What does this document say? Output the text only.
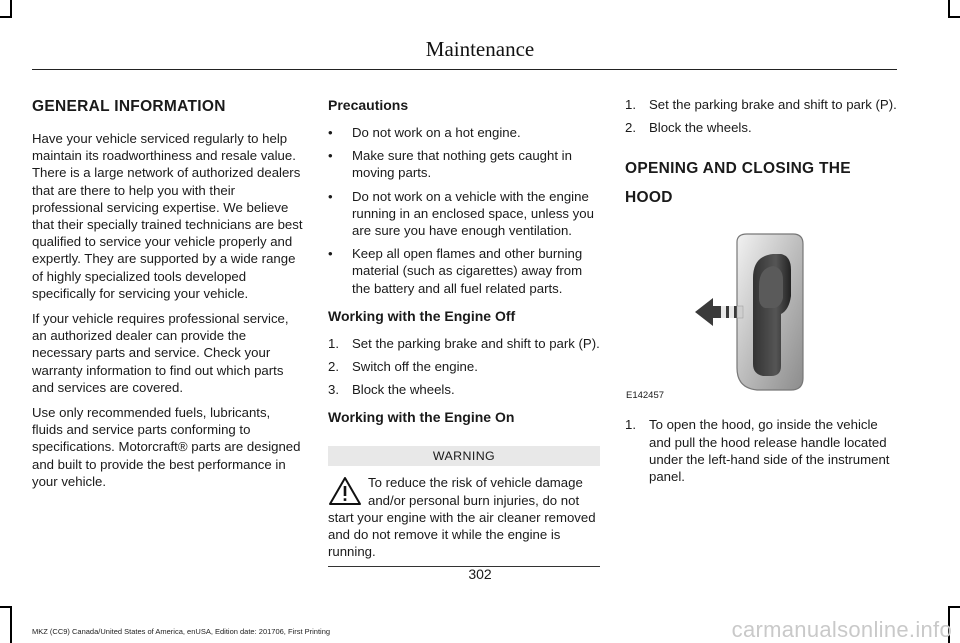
Maintenance
GENERAL INFORMATION

Have your vehicle serviced regularly to help maintain its roadworthiness and resale value. There is a large network of authorized dealers that are there to help you with their professional servicing expertise. We believe that their specially trained technicians are best qualified to service your vehicle properly and expertly. They are supported by a wide range of highly specialized tools developed specifically for servicing your vehicle.

If your vehicle requires professional service, an authorized dealer can provide the necessary parts and service. Check your warranty information to find out which parts and services are covered.

Use only recommended fuels, lubricants, fluids and service parts conforming to specifications. Motorcraft® parts are designed and built to provide the best performance in your vehicle.

Precautions
• Do not work on a hot engine.
• Make sure that nothing gets caught in moving parts.
• Do not work on a vehicle with the engine running in an enclosed space, unless you are sure you have enough ventilation.
• Keep all open flames and other burning material (such as cigarettes) away from the battery and all fuel related parts.
Working with the Engine Off
1. Set the parking brake and shift to park (P).
2. Switch off the engine.
3. Block the wheels.
Working with the Engine On
WARNING
To reduce the risk of vehicle damage and/or personal burn injuries, do not start your engine with the air cleaner removed and do not remove it while the engine is running.
1. Set the parking brake and shift to park (P).
2. Block the wheels.
OPENING AND CLOSING THE
HOOD
E142457
1. To open the hood, go inside the vehicle and pull the hood release handle located under the left-hand side of the instrument panel.
302
MKZ (CC9) Canada/United States of America, enUSA, Edition date: 201706, First Printing	carmanualsonline.info
